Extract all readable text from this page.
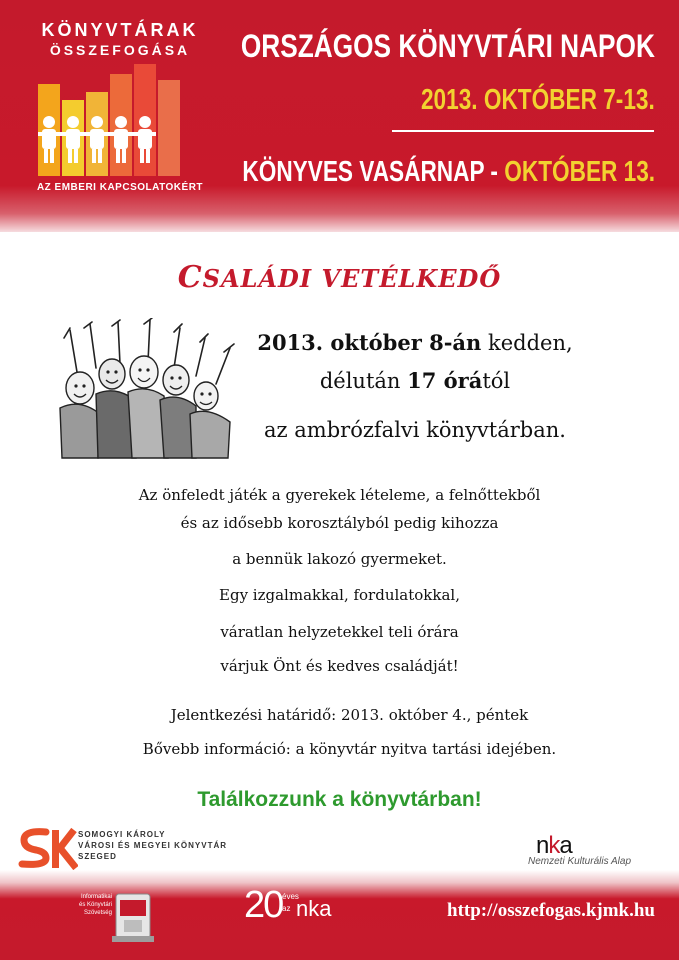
KÖNYVTÁRAK
ÖSSZEFOGÁSA
AZ EMBERI KAPCSOLATOKÉRT
ORSZÁGOS KÖNYVTÁRI NAPOK
2013. OKTÓBER 7-13.
KÖNYVES VASÁRNAP - OKTÓBER 13.
CSALÁDI VETÉLKEDŐ
2013. október 8-án kedden,
délután 17 órától
az ambrózfalvi könyvtárban.
Az önfeledt játék a gyerekek lételeme, a felnőttekből
és az idősebb korosztályból pedig kihozza
a bennük lakozó gyermeket.
Egy izgalmakkal, fordulatokkal,
váratlan helyzetekkel teli órára
várjuk Önt és kedves családját!
Jelentkezési határidő: 2013. október 4., péntek
Bővebb információ: a könyvtár nyitva tartási idejében.
Találkozzunk a könyvtárban!
SOMOGYI KÁROLY
VÁROSI ÉS MEGYEI KÖNYVTÁR
SZEGED	nka
Nemzeti Kulturális Alap
Informatikai
és Könyvtári
Szövetség	20 éves
az nka	http://osszefogas.kjmk.hu
